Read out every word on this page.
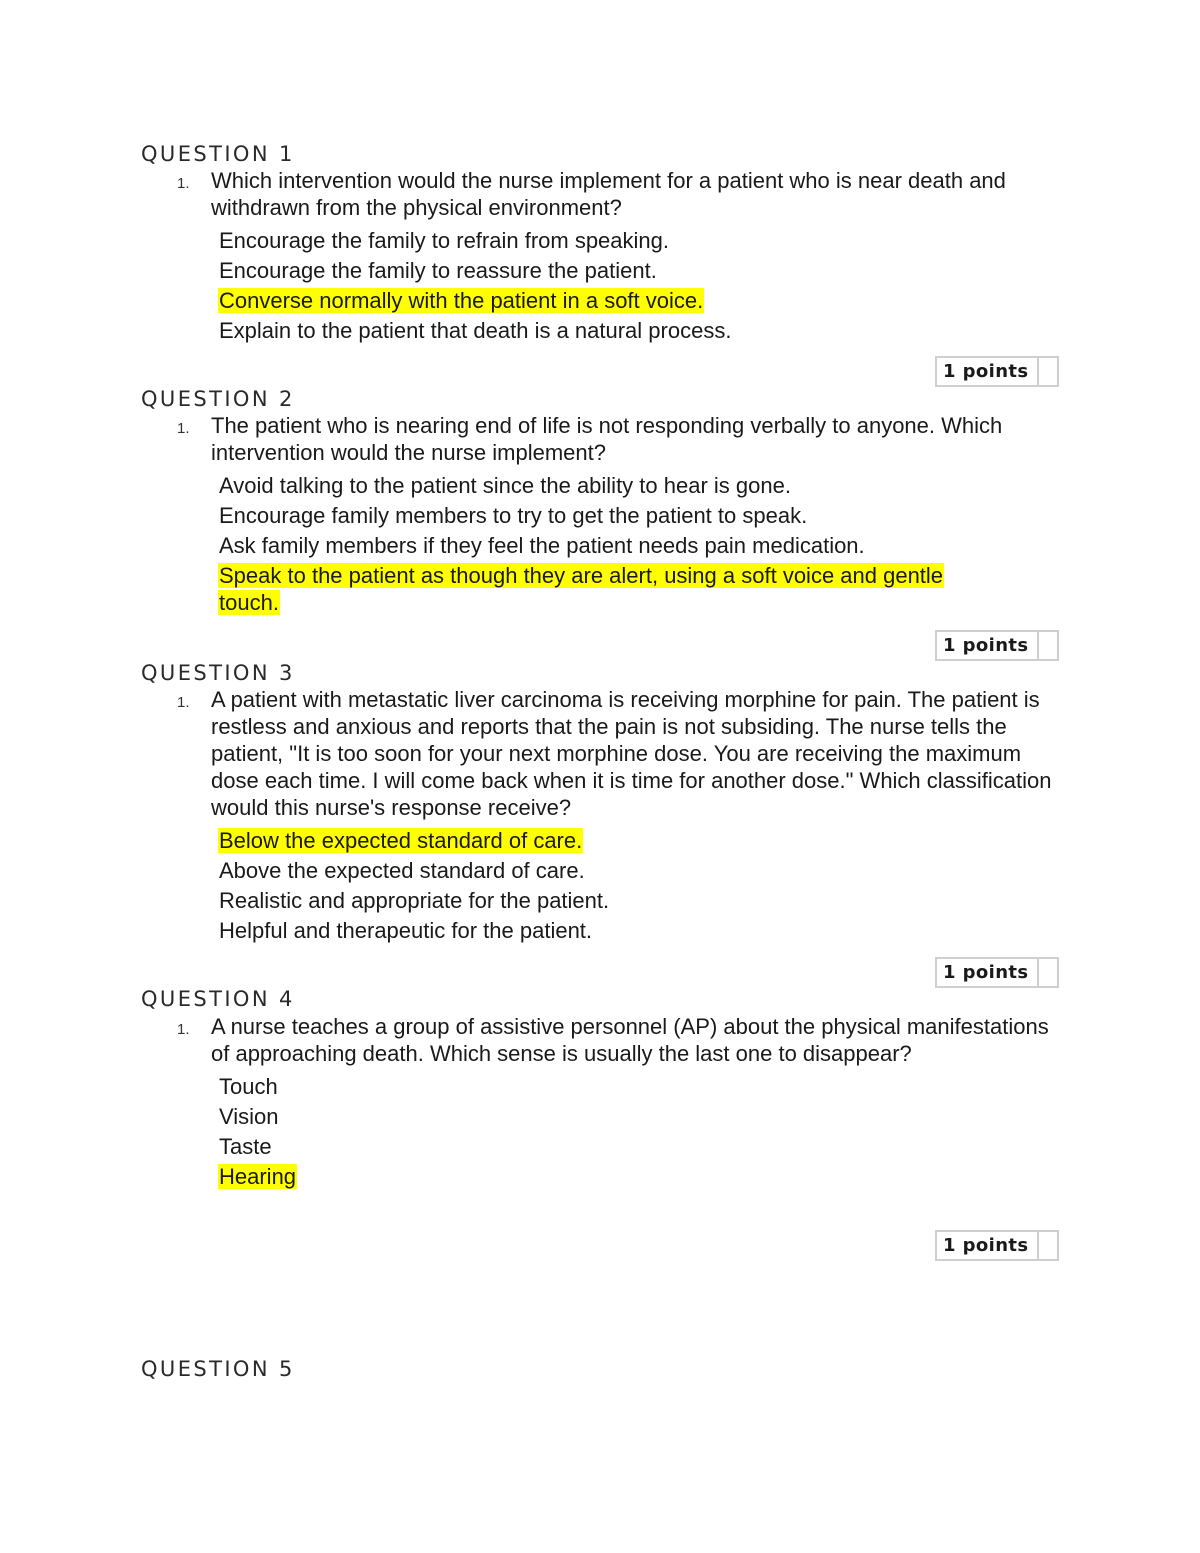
QUESTION 1
1. Which intervention would the nurse implement for a patient who is near death and withdrawn from the physical environment?
Encourage the family to refrain from speaking.
Encourage the family to reassure the patient.
Converse normally with the patient in a soft voice.
Explain to the patient that death is a natural process.
1 points
QUESTION 2
1. The patient who is nearing end of life is not responding verbally to anyone. Which intervention would the nurse implement?
Avoid talking to the patient since the ability to hear is gone.
Encourage family members to try to get the patient to speak.
Ask family members if they feel the patient needs pain medication.
Speak to the patient as though they are alert, using a soft voice and gentle touch.
1 points
QUESTION 3
1. A patient with metastatic liver carcinoma is receiving morphine for pain. The patient is restless and anxious and reports that the pain is not subsiding. The nurse tells the patient, "It is too soon for your next morphine dose. You are receiving the maximum dose each time. I will come back when it is time for another dose." Which classification would this nurse's response receive?
Below the expected standard of care.
Above the expected standard of care.
Realistic and appropriate for the patient.
Helpful and therapeutic for the patient.
1 points
QUESTION 4
1. A nurse teaches a group of assistive personnel (AP) about the physical manifestations of approaching death. Which sense is usually the last one to disappear?
Touch
Vision
Taste
Hearing
1 points
QUESTION 5
